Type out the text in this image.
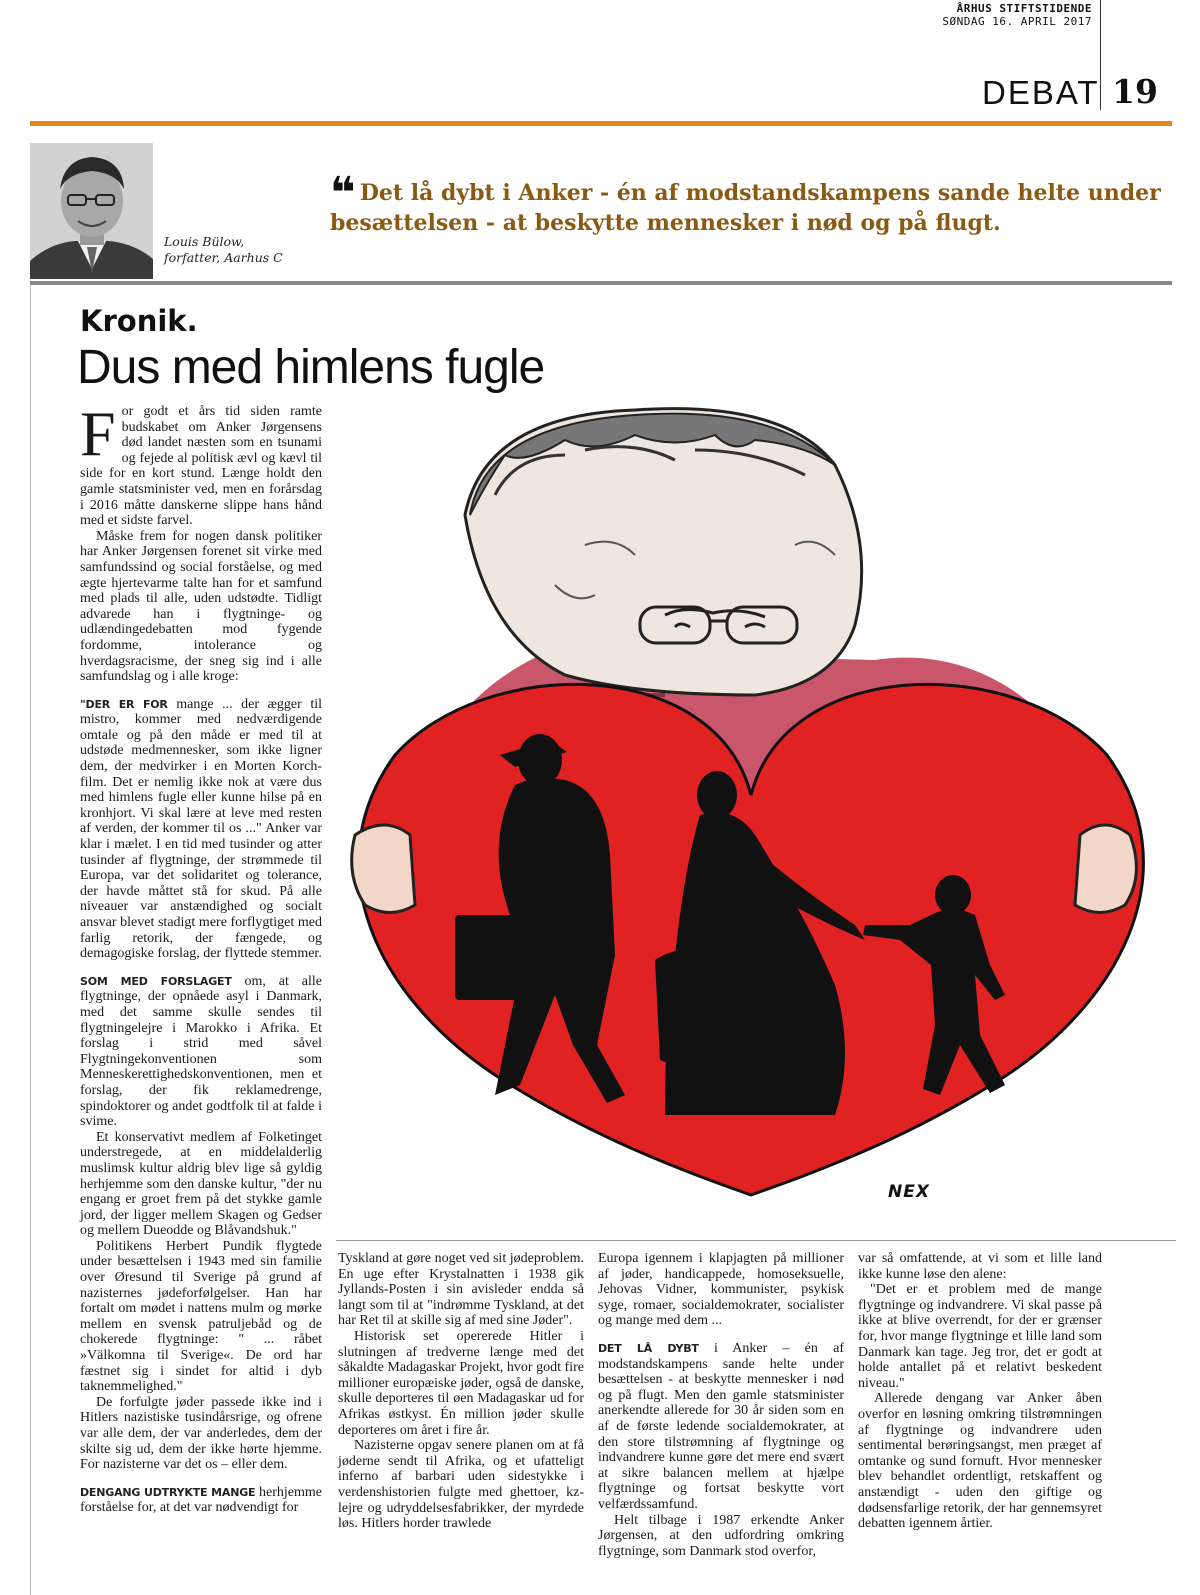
ÅRHUS STIFTSTIDENDE
SØNDAG 16. APRIL 2017
DEBAT 19
Louis Bülow,
forfatter, Aarhus C
❝ Det lå dybt i Anker - én af modstandskampens sande helte under besættelsen - at beskytte mennesker i nød og på flugt.
Kronik.
Dus med himlens fugle

For godt et års tid siden ramte budskabet om Anker Jørgensens død landet næsten som en tsunami og fejede al politisk ævl og kævl til side for en kort stund. Længe holdt den gamle statsminister ved, men en forårsdag i 2016 måtte danskerne slippe hans hånd med et sidste farvel.

Måske frem for nogen dansk politiker har Anker Jørgensen forenet sit virke med samfundssind og social forståelse, og med ægte hjertevarme talte han for et samfund med plads til alle, uden udstødte. Tidligt advarede han i flygtninge- og udlændingedebatten mod fygende fordomme, intolerance og hverdagsracisme, der sneg sig ind i alle samfundslag og i alle kroge:

"DER ER FOR mange ... der ægger til mistro, kommer med nedværdigende omtale og på den måde er med til at udstøde medmennesker, som ikke ligner dem, der medvirker i en Morten Korch-film. Det er nemlig ikke nok at være dus med himlens fugle eller kunne hilse på en kronhjort. Vi skal lære at leve med resten af verden, der kommer til os ..." Anker var klar i mælet. I en tid med tusinder og atter tusinder af flygtninge, der strømmede til Europa, var det solidaritet og tolerance, der havde måttet stå for skud. På alle niveauer var anstændighed og socialt ansvar blevet stadigt mere forflygtiget med farlig retorik, der fængede, og demagogiske forslag, der flyttede stemmer.

SOM MED FORSLAGET om, at alle flygtninge, der opnåede asyl i Danmark, med det samme skulle sendes til flygtningelejre i Marokko i Afrika. Et forslag i strid med såvel Flygtningekonventionen som Menneskerettighedskonventionen, men et forslag, der fik reklamedrenge, spindoktorer og andet godtfolk til at falde i svime.

Et konservativt medlem af Folketinget understregede, at en middelalderlig muslimsk kultur aldrig blev lige så gyldig herhjemme som den danske kultur, "der nu engang er groet frem på det stykke gamle jord, der ligger mellem Skagen og Gedser og mellem Dueodde og Blåvandshuk."

Politikens Herbert Pundik flygtede under besættelsen i 1943 med sin familie over Øresund til Sverige på grund af nazisternes jødeforfølgelser. Han har fortalt om mødet i nattens mulm og mørke mellem en svensk patruljebåd og de chokerede flygtninge: " ... råbet »Välkomna til Sverige«. De ord har fæstnet sig i sindet for altid i dyb taknemmelighed."

De forfulgte jøder passede ikke ind i Hitlers nazistiske tusindårsrige, og ofrene var alle dem, der var anderledes, dem der skilte sig ud, dem der ikke hørte hjemme. For nazisterne var det os – eller dem.

DENGANG UDTRYKTE MANGE herhjemme forståelse for, at det var nødvendigt for

Tyskland at gøre noget ved sit jødeproblem. En uge efter Krystalnatten i 1938 gik Jyllands-Posten i sin avisleder endda så langt som til at "indrømme Tyskland, at det har Ret til at skille sig af med sine Jøder".

Historisk set opererede Hitler i slutningen af tredverne længe med det såkaldte Madagaskar Projekt, hvor godt fire millioner europæiske jøder, også de danske, skulle deporteres til øen Madagaskar ud for Afrikas østkyst. Én million jøder skulle deporteres om året i fire år.

Nazisterne opgav senere planen om at få jøderne sendt til Afrika, og et ufatteligt inferno af barbari uden sidestykke i verdenshistorien fulgte med ghettoer, kz-lejre og udryddelsesfabrikker, der myrdede løs. Hitlers horder trawlede

Europa igennem i klapjagten på millioner af jøder, handicappede, homoseksuelle, Jehovas Vidner, kommunister, psykisk syge, romaer, socialdemokrater, socialister og mange med dem ...

DET LÅ DYBT i Anker – én af modstandskampens sande helte under besættelsen - at beskytte mennesker i nød og på flugt. Men den gamle statsminister anerkendte allerede for 30 år siden som en af de første ledende socialdemokrater, at den store tilstrømning af flygtninge og indvandrere kunne gøre det mere end svært at sikre balancen mellem at hjælpe flygtninge og fortsat beskytte vort velfærdssamfund.

Helt tilbage i 1987 erkendte Anker Jørgensen, at den udfordring omkring flygtninge, som Danmark stod overfor,

var så omfattende, at vi som et lille land ikke kunne løse den alene:

"Det er et problem med de mange flygtninge og indvandrere. Vi skal passe på ikke at blive overrendt, for der er grænser for, hvor mange flygtninge et lille land som Danmark kan tage. Jeg tror, det er godt at holde antallet på et relativt beskedent niveau."

Allerede dengang var Anker åben overfor en løsning omkring tilstrømningen af flygtninge og indvandrere uden sentimental berøringsangst, men præget af omtanke og sund fornuft. Hvor mennesker blev behandlet ordentligt, retskaffent og anstændigt - uden den giftige og dødsensfarlige retorik, der har gennemsyret debatten igennem årtier.

NEX
